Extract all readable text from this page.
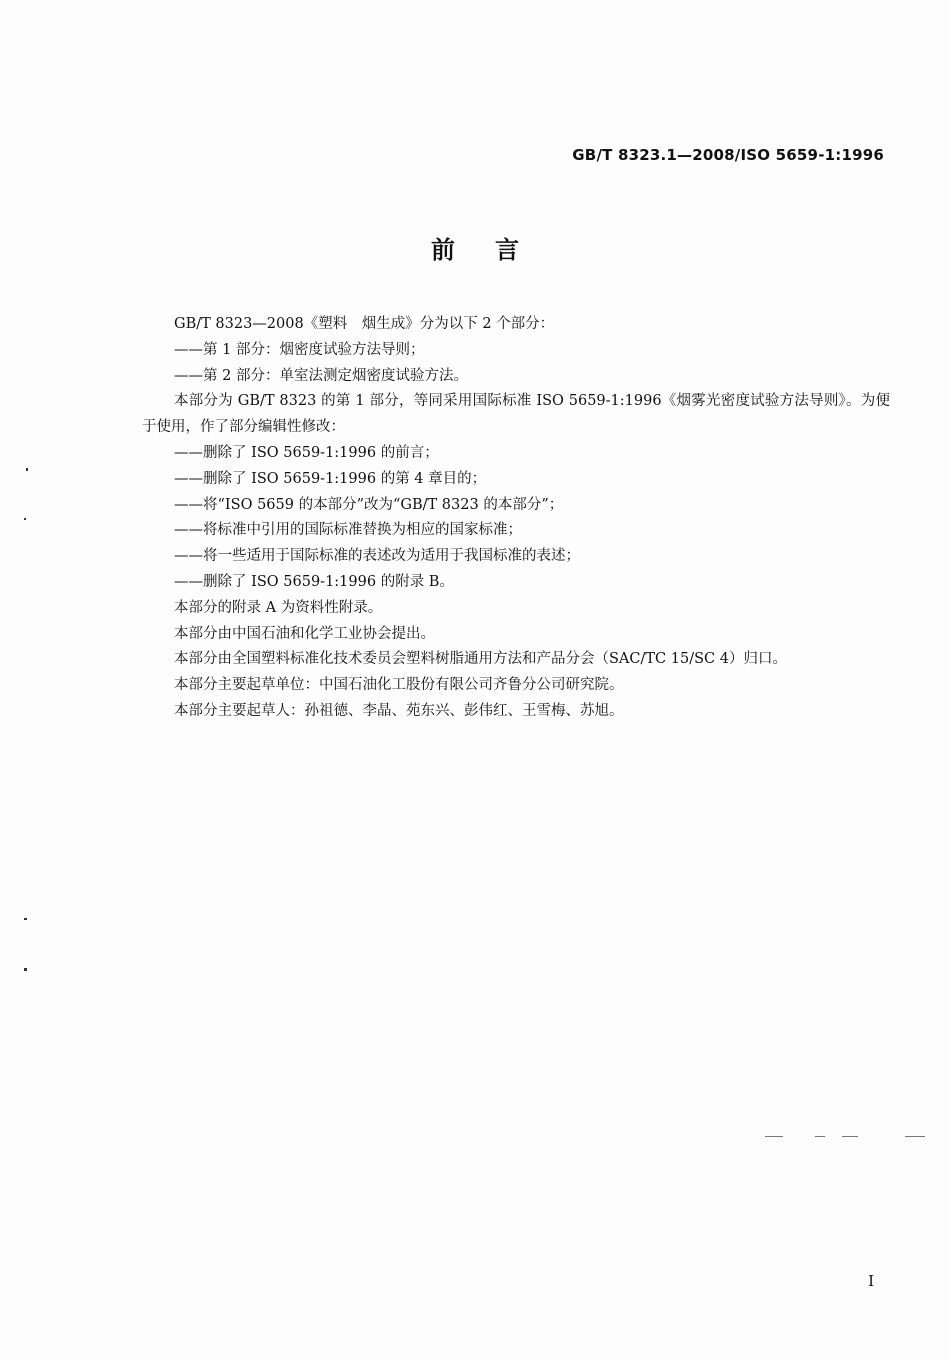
GB/T 8323.1—2008/ISO 5659-1:1996
前言
GB/T 8323—2008《塑料　烟生成》分为以下 2 个部分：
——第 1 部分：烟密度试验方法导则；
——第 2 部分：单室法测定烟密度试验方法。
本部分为 GB/T 8323 的第 1 部分，等同采用国际标准 ISO 5659-1:1996《烟雾光密度试验方法导则》。为便于使用，作了部分编辑性修改：
——删除了 ISO 5659-1:1996 的前言；
——删除了 ISO 5659-1:1996 的第 4 章目的；
——将“ISO 5659 的本部分”改为“GB/T 8323 的本部分”；
——将标准中引用的国际标准替换为相应的国家标准；
——将一些适用于国际标准的表述改为适用于我国标准的表述；
——删除了 ISO 5659-1:1996 的附录 B。
本部分的附录 A 为资料性附录。
本部分由中国石油和化学工业协会提出。
本部分由全国塑料标准化技术委员会塑料树脂通用方法和产品分会（SAC/TC 15/SC 4）归口。
本部分主要起草单位：中国石油化工股份有限公司齐鲁分公司研究院。
本部分主要起草人：孙祖德、李晶、苑东兴、彭伟红、王雪梅、苏旭。
I
